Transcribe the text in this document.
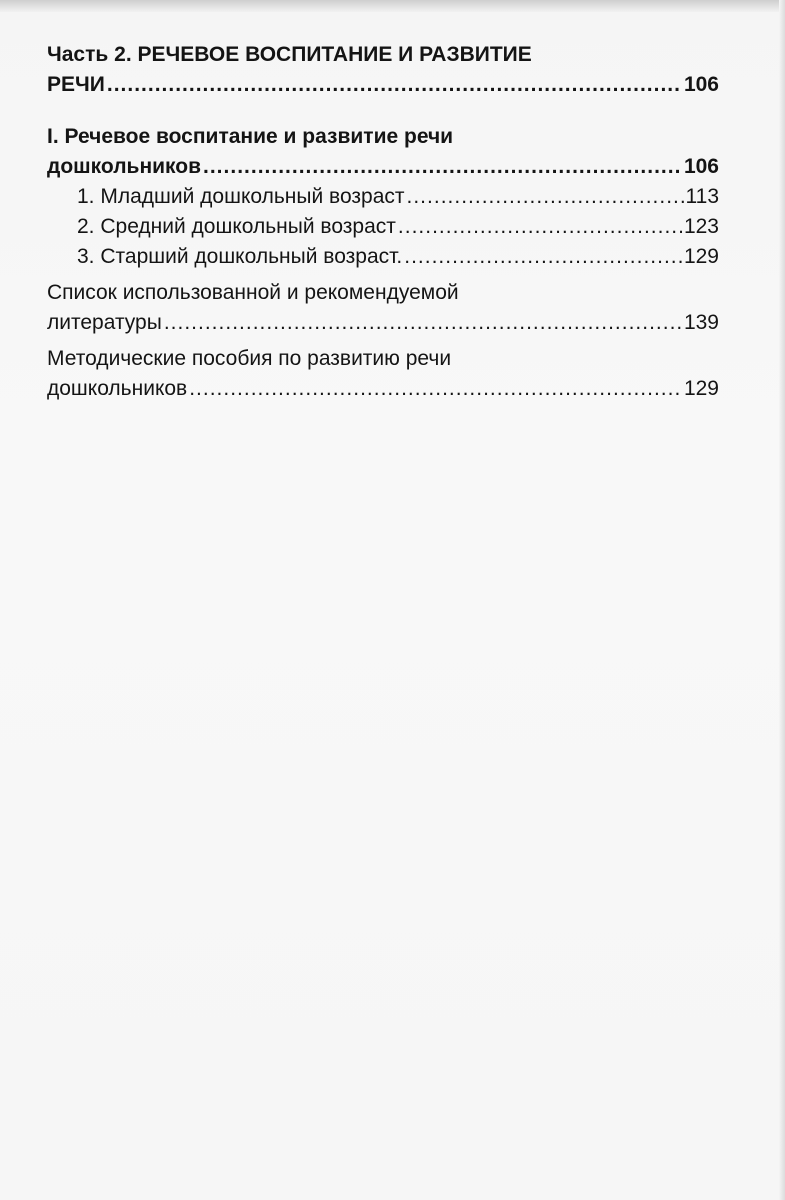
Часть 2. РЕЧЕВОЕ ВОСПИТАНИЕ И РАЗВИТИЕ
РЕЧИ .....	106
I. Речевое воспитание и развитие речи
дошкольников .....	106
1. Младший дошкольный возраст .....	113
2. Средний дошкольный возраст .....	123
3. Старший дошкольный возраст. .....	129
Список использованной и рекомендуемой
литературы .....	139
Методические пособия по развитию речи
дошкольников .....	129
